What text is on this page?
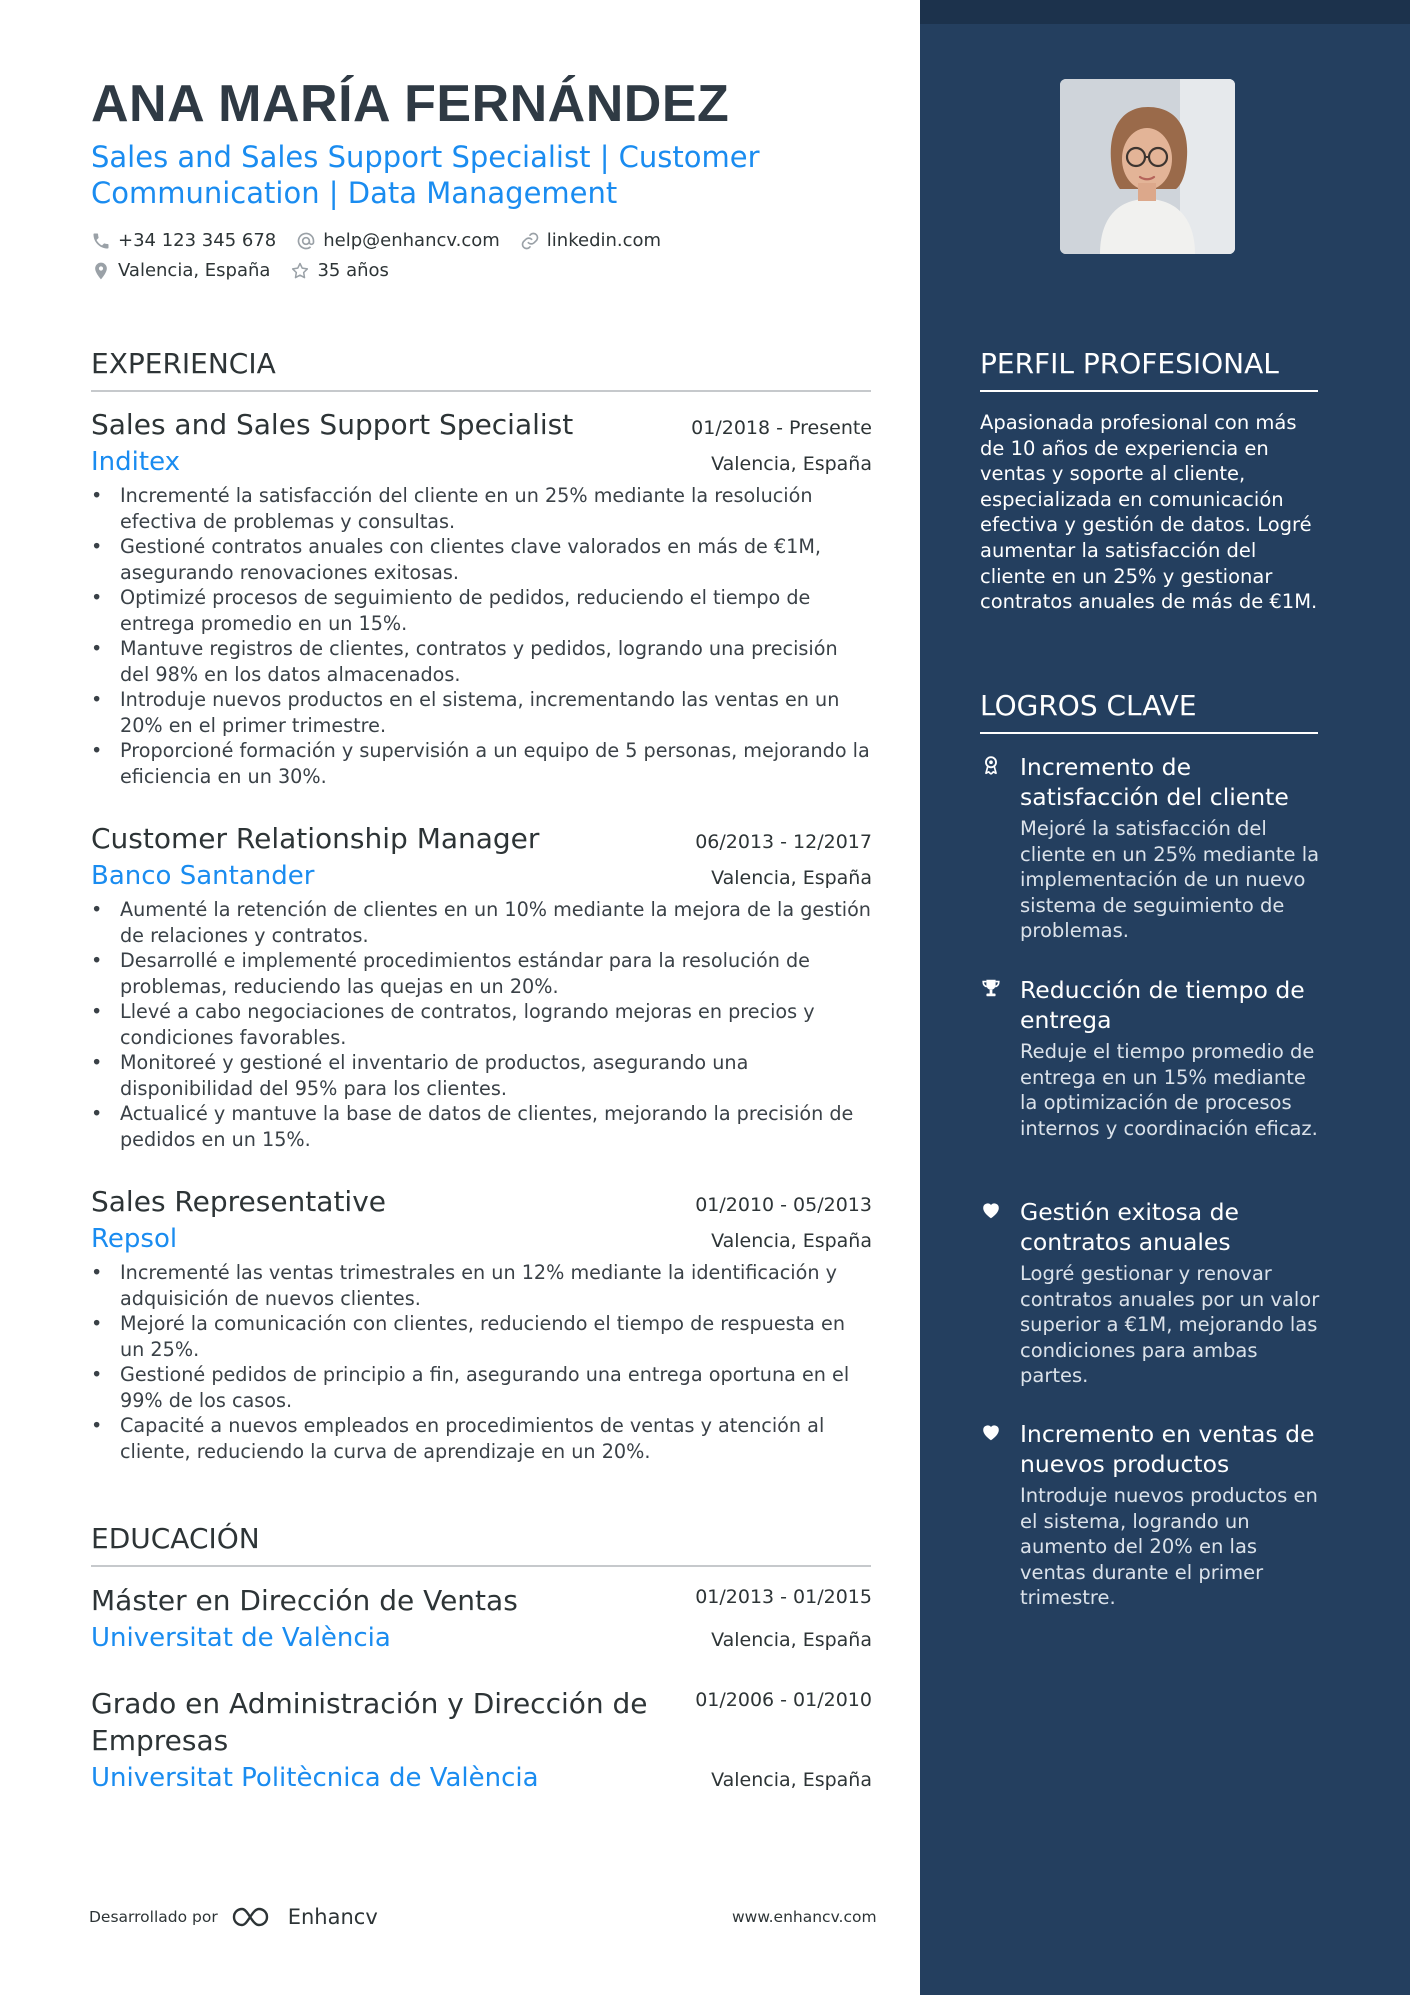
ANA MARÍA FERNÁNDEZ
Sales and Sales Support Specialist | Customer Communication | Data Management
+34 123 345 678	help@enhancv.com	linkedin.com
Valencia, España	35 años
EXPERIENCIA
Sales and Sales Support Specialist	01/2018 - Presente
Inditex	Valencia, España
• Incrementé la satisfacción del cliente en un 25% mediante la resolución efectiva de problemas y consultas.
• Gestioné contratos anuales con clientes clave valorados en más de €1M, asegurando renovaciones exitosas.
• Optimizé procesos de seguimiento de pedidos, reduciendo el tiempo de entrega promedio en un 15%.
• Mantuve registros de clientes, contratos y pedidos, logrando una precisión del 98% en los datos almacenados.
• Introduje nuevos productos en el sistema, incrementando las ventas en un 20% en el primer trimestre.
• Proporcioné formación y supervisión a un equipo de 5 personas, mejorando la eficiencia en un 30%.
Customer Relationship Manager	06/2013 - 12/2017
Banco Santander	Valencia, España
• Aumenté la retención de clientes en un 10% mediante la mejora de la gestión de relaciones y contratos.
• Desarrollé e implementé procedimientos estándar para la resolución de problemas, reduciendo las quejas en un 20%.
• Llevé a cabo negociaciones de contratos, logrando mejoras en precios y condiciones favorables.
• Monitoreé y gestioné el inventario de productos, asegurando una disponibilidad del 95% para los clientes.
• Actualicé y mantuve la base de datos de clientes, mejorando la precisión de pedidos en un 15%.
Sales Representative	01/2010 - 05/2013
Repsol	Valencia, España
• Incrementé las ventas trimestrales en un 12% mediante la identificación y adquisición de nuevos clientes.
• Mejoré la comunicación con clientes, reduciendo el tiempo de respuesta en un 25%.
• Gestioné pedidos de principio a fin, asegurando una entrega oportuna en el 99% de los casos.
• Capacité a nuevos empleados en procedimientos de ventas y atención al cliente, reduciendo la curva de aprendizaje en un 20%.
EDUCACIÓN
Máster en Dirección de Ventas	01/2013 - 01/2015
Universitat de València	Valencia, España
Grado en Administración y Dirección de Empresas
01/2006 - 01/2010
Universitat Politècnica de València	Valencia, España
Desarrollado por	Enhancv	www.enhancv.com
PERFIL PROFESIONAL

Apasionada profesional con más de 10 años de experiencia en ventas y soporte al cliente, especializada en comunicación efectiva y gestión de datos. Logré aumentar la satisfacción del cliente en un 25% y gestionar contratos anuales de más de €1M.

LOGROS CLAVE
Incremento de satisfacción del cliente
Mejoré la satisfacción del cliente en un 25% mediante la implementación de un nuevo sistema de seguimiento de problemas.
Reducción de tiempo de entrega
Reduje el tiempo promedio de entrega en un 15% mediante la optimización de procesos internos y coordinación eficaz.
Gestión exitosa de contratos anuales
Logré gestionar y renovar contratos anuales por un valor superior a €1M, mejorando las condiciones para ambas partes.
Incremento en ventas de nuevos productos
Introduje nuevos productos en el sistema, logrando un aumento del 20% en las ventas durante el primer trimestre.
